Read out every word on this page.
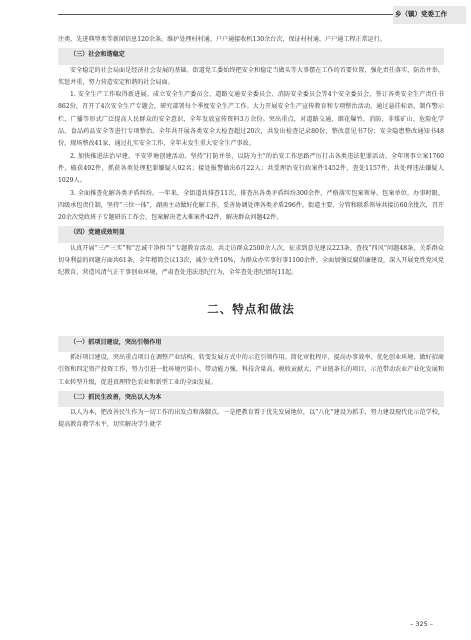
乡（镇）党委工作

注类、先进典型类等新闻信息120余条。维护处理村村通、户户通接收机130余台次，保证村村通、户户通工程正常运行。

（三）社会和谐稳定

安全稳定的社会局面是经济社会发展的基础。街道党工委始终把安全和稳定当做头等大事摆在工作的首要位置，强化责任落实，防治并举，奖惩并重，努力营造安定和谐的社会局面。

1. 安全生产工作取得新进展。成立安全生产委员会、道路交通安全委员会、消防安全委员会等4个安全委员会，签订各类安全生产责任书862份，召开了4次安全生产专题会，研究部署每个季度安全生产工作。大力开展安全生产宣传教育和专项整治活动，通过悬挂标语、制作警示栏、广播等形式广泛提高人民群众的安全意识，全年发放宣传资料3万余份。突出重点，对道路交通、烟花爆竹、消防、非煤矿山、危险化学品、食品药品安全等进行专项整治，全年共开展各类安全大检查超过20次，共发出检查记录80份，整改意见书7份；安全隐患整改通知书48份，现场整改41家，通过扎实安全工作，全年未发生重大安全生产事故。

2. 加快推进法治早建、平安罗塘创建活动。坚持“打防并举，以防为主”的治安工作思路严厉打击各类违法犯罪活动。全年刑事立案1760件，破获492件，抓获各类处理犯罪嫌疑人92名；接处报警做出6月22人；共受理治安行政案件1452件，查处1157件，共处理违法嫌疑人1029人。

3. 全面推查化解各类矛盾纠纷。一年来，全街道共排查11次，排查出各类矛盾纠纷300余件，严格落实包案领导、包案单位，办事时限、四级承包责任制，坚持“三位一体”，湖南主动做好化解工作，妥善协调处理各类矛盾296件。街道主要、分管和联系领导共接访60余批次，召开20余次党政班子专题研访工作会，包案解决老大难案件42件，解决群众问题42件。

（四）党建成效明显

认真开展“三严三实”和“忠诚干净担当”专题教育活动，共走访群众2500余人次，征求到意见建议223条，查找“四风”问题48条，关系群众切身利益的问题方面共61条，全年精简会议13次，减少文件10%，为群众办实事好事1100余件，全面加强反腐倡廉建设，深入开展党性党风党纪教育，营造风清气正干事创业环境，严肃查处违法违纪行为，全年查处违纪情况11起。

二、特点和做法

（一）抓项目建设，突出引领作用

抓好项目建设，突出重点项目在调整产业结构、转变发展方式中的示范引领作用。简化审批程序、提高办事效率、优化创业环境，做好招商引资和四定资产投资工作，努力引进一批环境污染小、带动能力强、科技含量高、税收贡献大、产业链条长的项目，示范带动农业产业化发展和工业转型升级，促进真理特色农业和新型工业的全面发展。

（二）抓民生改善，突出以人为本

以人为本，把改善民生作为一切工作的出发点和落脚点。一是把教育置于优先发展地位，以“八化”建设为抓手，努力建设现代化示范学校，提高教育教学水平，切实解决学生就学

– 325 –
